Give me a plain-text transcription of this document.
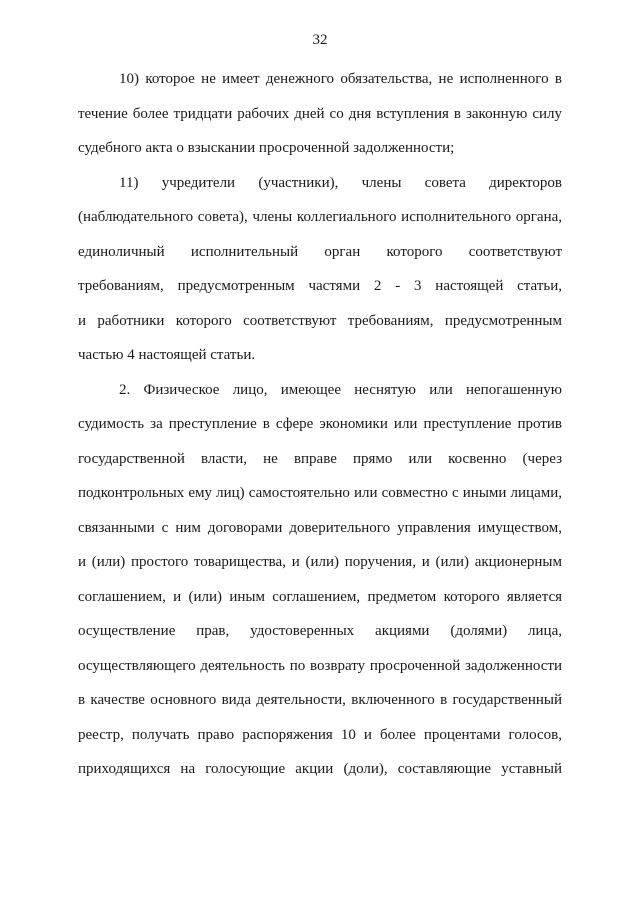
32

10) которое не имеет денежного обязательства, не исполненного в
течение более тридцати рабочих дней со дня вступления в законную силу
судебного акта о взыскании просроченной задолженности;

11) учредители (участники), члены совета директоров
(наблюдательного совета), члены коллегиального исполнительного органа,
единоличный исполнительный орган которого соответствуют
требованиям, предусмотренным частями 2 - 3 настоящей статьи,
и работники которого соответствуют требованиям, предусмотренным
частью 4 настоящей статьи.

2. Физическое лицо, имеющее неснятую или непогашенную
судимость за преступление в сфере экономики или преступление против
государственной власти, не вправе прямо или косвенно (через
подконтрольных ему лиц) самостоятельно или совместно с иными лицами,
связанными с ним договорами доверительного управления имуществом,
и (или) простого товарищества, и (или) поручения, и (или) акционерным
соглашением, и (или) иным соглашением, предметом которого является
осуществление прав, удостоверенных акциями (долями) лица,
осуществляющего деятельность по возврату просроченной задолженности
в качестве основного вида деятельности, включенного в государственный
реестр, получать право распоряжения 10 и более процентами голосов,
приходящихся на голосующие акции (доли), составляющие уставный
